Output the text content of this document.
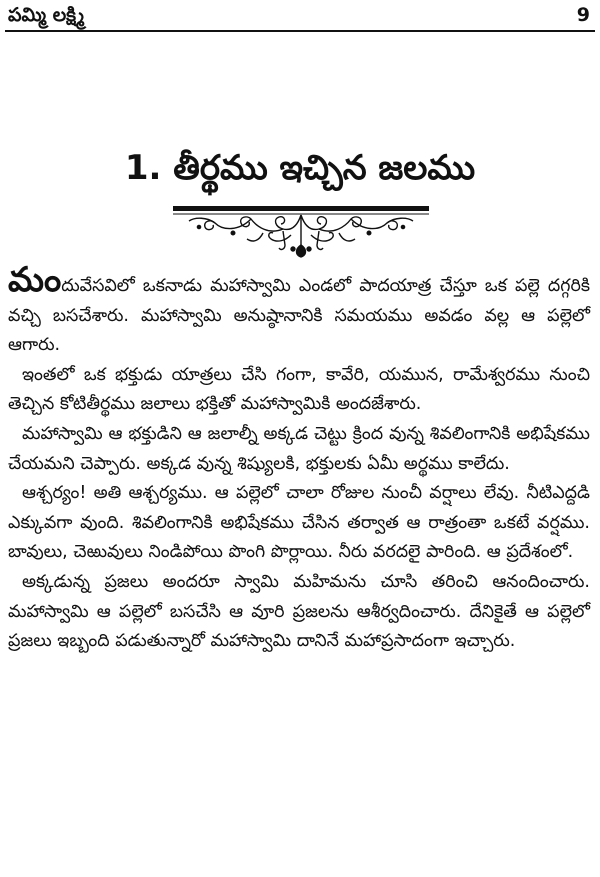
పమ్మి లక్ష్మి	9
1. తీర్థము ఇచ్చిన జలము

మందువేసవిలో ఒకనాడు మహాస్వామి ఎండలో పాదయాత్ర చేస్తూ ఒక పల్లె దగ్గరికి వచ్చి బసచేశారు. మహాస్వామి అనుష్ఠానానికి సమయము అవడం వల్ల ఆ పల్లెలో ఆగారు.

ఇంతలో ఒక భక్తుడు యాత్రలు చేసి గంగా, కావేరి, యమున, రామేశ్వరము నుంచి తెచ్చిన కోటితీర్థము జలాలు భక్తితో మహాస్వామికి అందజేశారు.

మహాస్వామి ఆ భక్తుడిని ఆ జలాల్నీ అక్కడ చెట్టు క్రింద వున్న శివలింగానికి అభిషేకము చేయమని చెప్పారు. అక్కడ వున్న శిష్యులకి, భక్తులకు ఏమీ అర్థము కాలేదు.

ఆశ్చర్యం! అతి ఆశ్చర్యము. ఆ పల్లెలో చాలా రోజుల నుంచీ వర్షాలు లేవు. నీటిఎద్దడి ఎక్కువగా వుంది. శివలింగానికి అభిషేకము చేసిన తర్వాత ఆ రాత్రంతా ఒకటే వర్షము. బావులు, చెఱువులు నిండిపోయి పొంగి పొర్లాయి. నీరు వరదలై పారింది. ఆ ప్రదేశంలో.

అక్కడున్న ప్రజలు అందరూ స్వామి మహిమను చూసి తరించి ఆనందించారు. మహాస్వామి ఆ పల్లెలో బసచేసి ఆ వూరి ప్రజలను ఆశీర్వదించారు. దేనికైతే ఆ పల్లెలో ప్రజలు ఇబ్బంది పడుతున్నారో మహాస్వామి దానినే మహాప్రసాదంగా ఇచ్చారు.
